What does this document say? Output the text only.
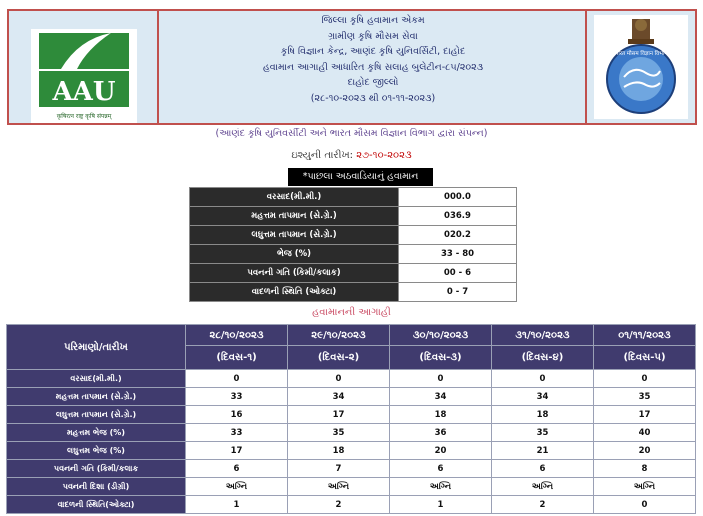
AAU
कृषिरत्न राष्ट्र कृषि संपन्नम्
જિલ્લા કૃષિ હવામાન એકમ
ગ્રામીણ કૃષિ મૌસમ સેવા
કૃષિ વિજ્ઞાન કેન્દ્ર, આણંદ કૃષિ યુનિવર્સિટી, દાહોદ
હવામાન આગાહી આધારિત કૃષિ સલાહ બુલેટીન-૮૫/૨૦૨૩
દાહોદ જીલ્લો
(૨૮-૧૦-૨૦૨૩ થી ૦૧-૧૧-૨૦૨૩)
भारत मौसम विज्ञान विभाग
(આણંદ કૃષિ યુનિવર્સીટી અને ભારત મૌસમ વિજ્ઞાન વિભાગ દ્વારા સંપન્ન)
ઇશ્યુની તારીખ: ૨૭-૧૦-૨૦૨૩
*પાછલા અઠવાડિયાનું હવામાન
વરસાદ(મી.મી.)	000.0
મહત્તમ તાપમાન (સે.ગ્રે.)	036.9
લઘુત્તમ તાપમાન (સે.ગ્રે.)	020.2
ભેજ (%)	33 - 80
પવનની ગતિ (કિમી/કલાક)	00 - 6
વાદળની સ્થિતિ (ઓક્ટા)	0 - 7
હવામાનની આગાહી
પરિમાણો/તારીખ	૨૮/૧૦/૨૦૨૩	૨૯/૧૦/૨૦૨૩	૩૦/૧૦/૨૦૨૩	૩૧/૧૦/૨૦૨૩	૦૧/૧૧/૨૦૨૩
	(દિવસ-૧)	(દિવસ-૨)	(દિવસ-૩)	(દિવસ-૪)	(દિવસ-૫)
વરસાદ(મી.મી.)	0	0	0	0	0
મહત્તમ તાપમાન (સે.ગ્રે.)	33	34	34	34	35
લઘુત્તમ તાપમાન (સે.ગ્રે.)	16	17	18	18	17
મહત્તમ ભેજ (%)	33	35	36	35	40
લઘુત્તમ ભેજ (%)	17	18	20	21	20
પવનની ગતિ (કિમી/કલાક	6	7	6	6	8
પવનની દિશા (ડીગ્રી)	અગ્નિ	અગ્નિ	અગ્નિ	અગ્નિ	અગ્નિ
વાદળની સ્થિતિ(ઓક્ટા)	1	2	1	2	0
